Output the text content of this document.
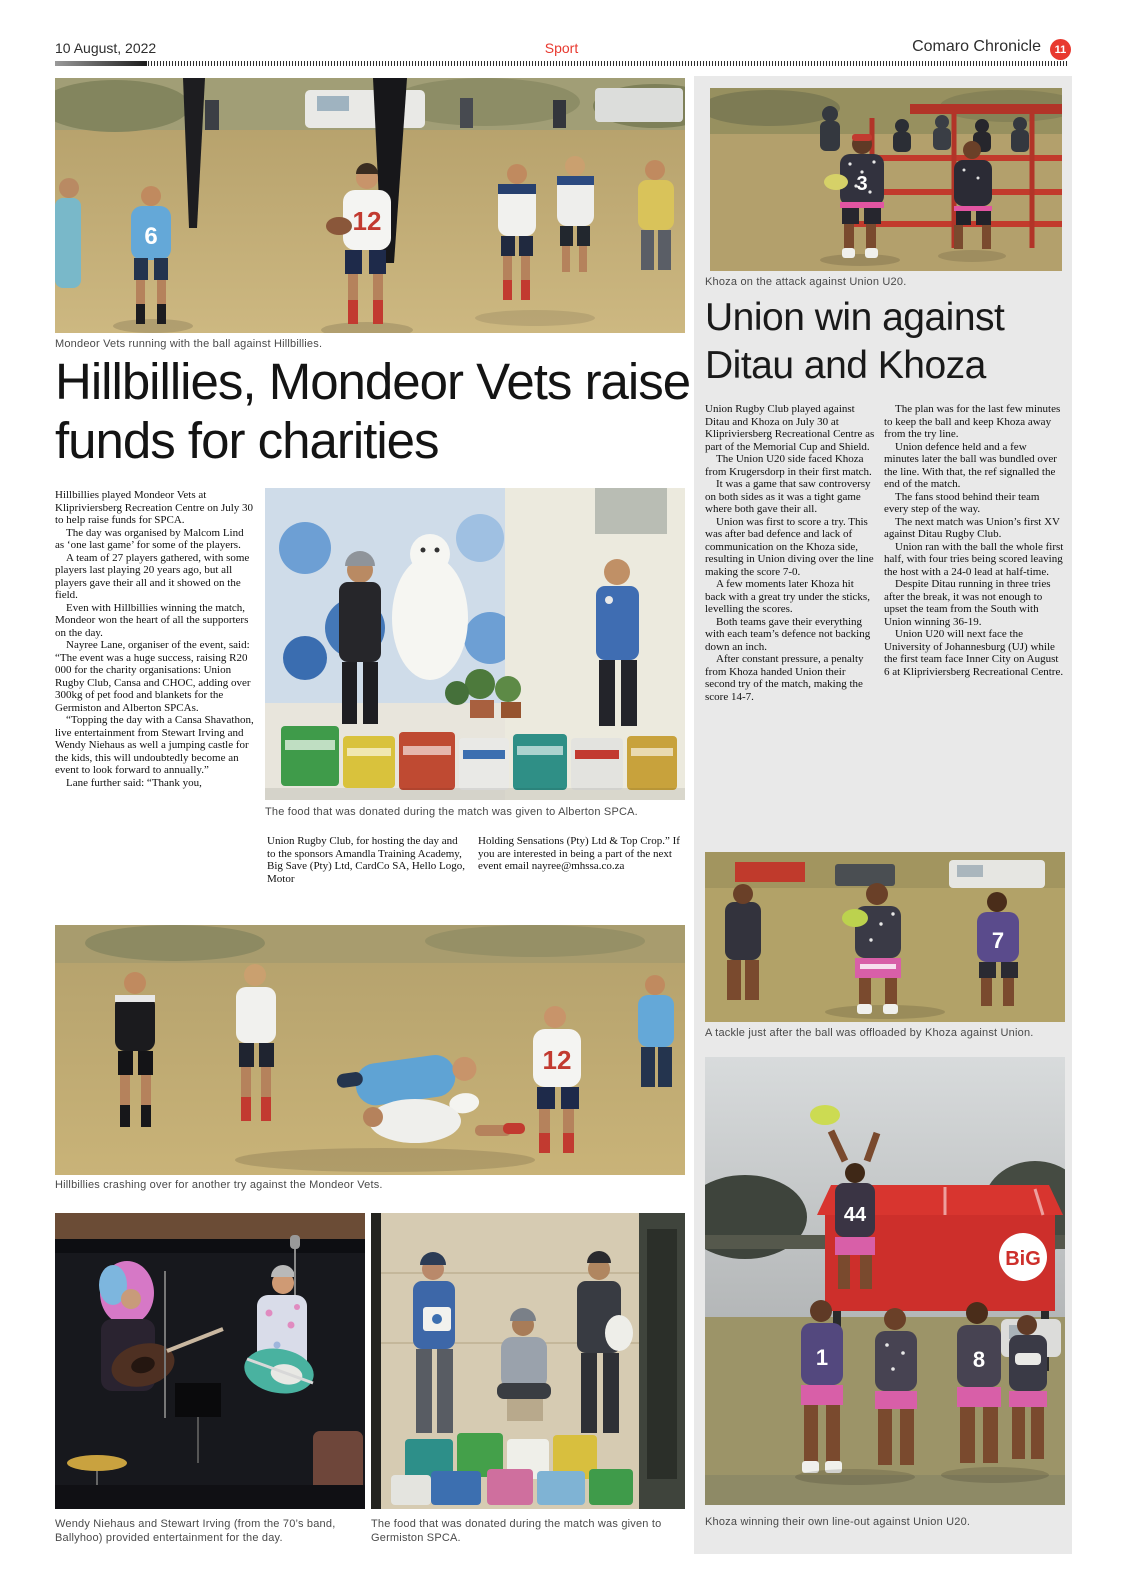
10 August, 2022	Sport	Comaro Chronicle	11
6
12
Mondeor Vets running with the ball against Hillbillies.
Hillbillies, Mondeor Vets raise funds for charities

Hillbillies played Mondeor Vets at Klipriviersberg Recreation Centre on July 30 to help raise funds for SPCA.

The day was organised by Malcom Lind as ‘one last game’ for some of the players.

A team of 27 players gathered, with some players last playing 20 years ago, but all players gave their all and it showed on the field.

Even with Hillbillies winning the match, Mondeor won the heart of all the supporters on the day.

Nayree Lane, organiser of the event, said: “The event was a huge success, raising R20 000 for the charity organisations: Union Rugby Club, Cansa and CHOC, adding over 300kg of pet food and blankets for the Germiston and Alberton SPCAs.

“Topping the day with a Cansa Shavathon, live entertainment from Stewart Irving and Wendy Niehaus as well a jumping castle for the kids, this will undoubtedly become an event to look forward to annually.”

Lane further said: “Thank you,

The food that was donated during the match was given to Alberton SPCA.

Union Rugby Club, for hosting the day and to the sponsors Amandla Training Academy, Big Save (Pty) Ltd, CardCo SA, Hello Logo, Motor

Holding Sensations (Pty) Ltd & Top Crop.” If you are interested in being a part of the next event email nayree@mhssa.co.za

12
Hillbillies crashing over for another try against the Mondeor Vets.
Wendy Niehaus and Stewart Irving (from the 70’s band, Ballyhoo) provided entertainment for the day.
The food that was donated during the match was given to Germiston SPCA.
3
Khoza on the attack against Union U20.
Union win against Ditau and Khoza

Union Rugby Club played against Ditau and Khoza on July 30 at Klipriviersberg Recreational Centre as part of the Memorial Cup and Shield.

The Union U20 side faced Khoza from Krugersdorp in their first match.

It was a game that saw controversy on both sides as it was a tight game where both gave their all.

Union was first to score a try. This was after bad defence and lack of communication on the Khoza side, resulting in Union diving over the line making the score 7-0.

A few moments later Khoza hit back with a great try under the sticks, levelling the scores.

Both teams gave their everything with each team’s defence not backing down an inch.

After constant pressure, a penalty from Khoza handed Union their second try of the match, making the score 14-7.

The plan was for the last few minutes to keep the ball and keep Khoza away from the try line.

Union defence held and a few minutes later the ball was bundled over the line. With that, the ref signalled the end of the match.

The fans stood behind their team every step of the way.

The next match was Union’s first XV against Ditau Rugby Club.

Union ran with the ball the whole first half, with four tries being scored leaving the host with a 24-0 lead at half-time.

Despite Ditau running in three tries after the break, it was not enough to upset the team from the South with Union winning 36-19.

Union U20 will next face the University of Johannesburg (UJ) while the first team face Inner City on August 6 at Klipriviersberg Recreational Centre.

7
A tackle just after the ball was offloaded by Khoza against Union.
BiG
44
1	8
Khoza winning their own line-out against Union U20.
